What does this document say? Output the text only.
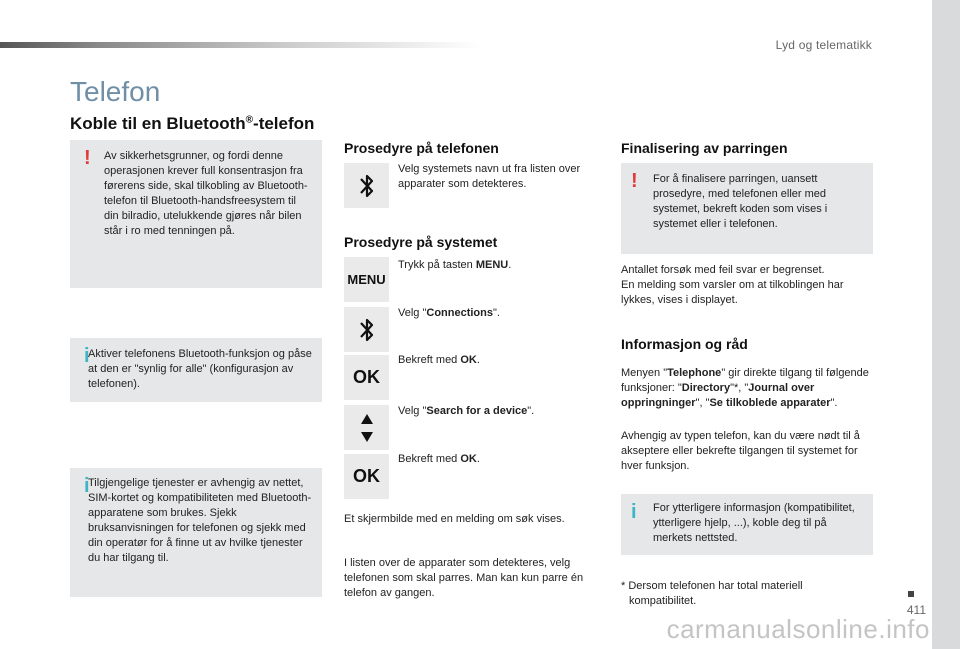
Lyd og telematikk
411
Telefon
Koble til en Bluetooth®-telefon
! Av sikkerhetsgrunner, og fordi denne operasjonen krever full konsentrasjon fra førerens side, skal tilkobling av Bluetooth-telefon til Bluetooth-handsfreesystem til din bilradio, utelukkende gjøres når bilen står i ro med tenningen på.
i
Aktiver telefonens Bluetooth-funksjon og påse at den er "synlig for alle" (konfigurasjon av telefonen).
i
Tilgjengelige tjenester er avhengig av nettet, SIM-kortet og kompatibiliteten med Bluetooth-apparatene som brukes. Sjekk bruksanvisningen for telefonen og sjekk med din operatør for å finne ut av hvilke tjenester du har tilgang til.
Prosedyre på telefonen
Velg systemets navn ut fra listen over apparater som detekteres.
Prosedyre på systemet
MENU
Trykk på tasten MENU.
Velg "Connections".
OK
Bekreft med OK.
Velg "Search for a device".
OK
Bekreft med OK.
Et skjermbilde med en melding om søk vises.
I listen over de apparater som detekteres, velg telefonen som skal parres. Man kan kun parre én telefon av gangen.
Finalisering av parringen
! For å finalisere parringen, uansett prosedyre, med telefonen eller med systemet, bekreft koden som vises i systemet eller i telefonen.
Antallet forsøk med feil svar er begrenset.
En melding som varsler om at tilkoblingen har lykkes, vises i displayet.
Informasjon og råd
Menyen "Telephone" gir direkte tilgang til følgende funksjoner: "Directory"*, "Journal over oppringninger", "Se tilkoblede apparater".
Avhengig av typen telefon, kan du være nødt til å akseptere eller bekrefte tilgangen til systemet for hver funksjon.
i For ytterligere informasjon (kompatibilitet, ytterligere hjelp, ...), koble deg til på merkets nettsted.
* Dersom telefonen har total materiell kompatibilitet.
carmanualsonline.info
